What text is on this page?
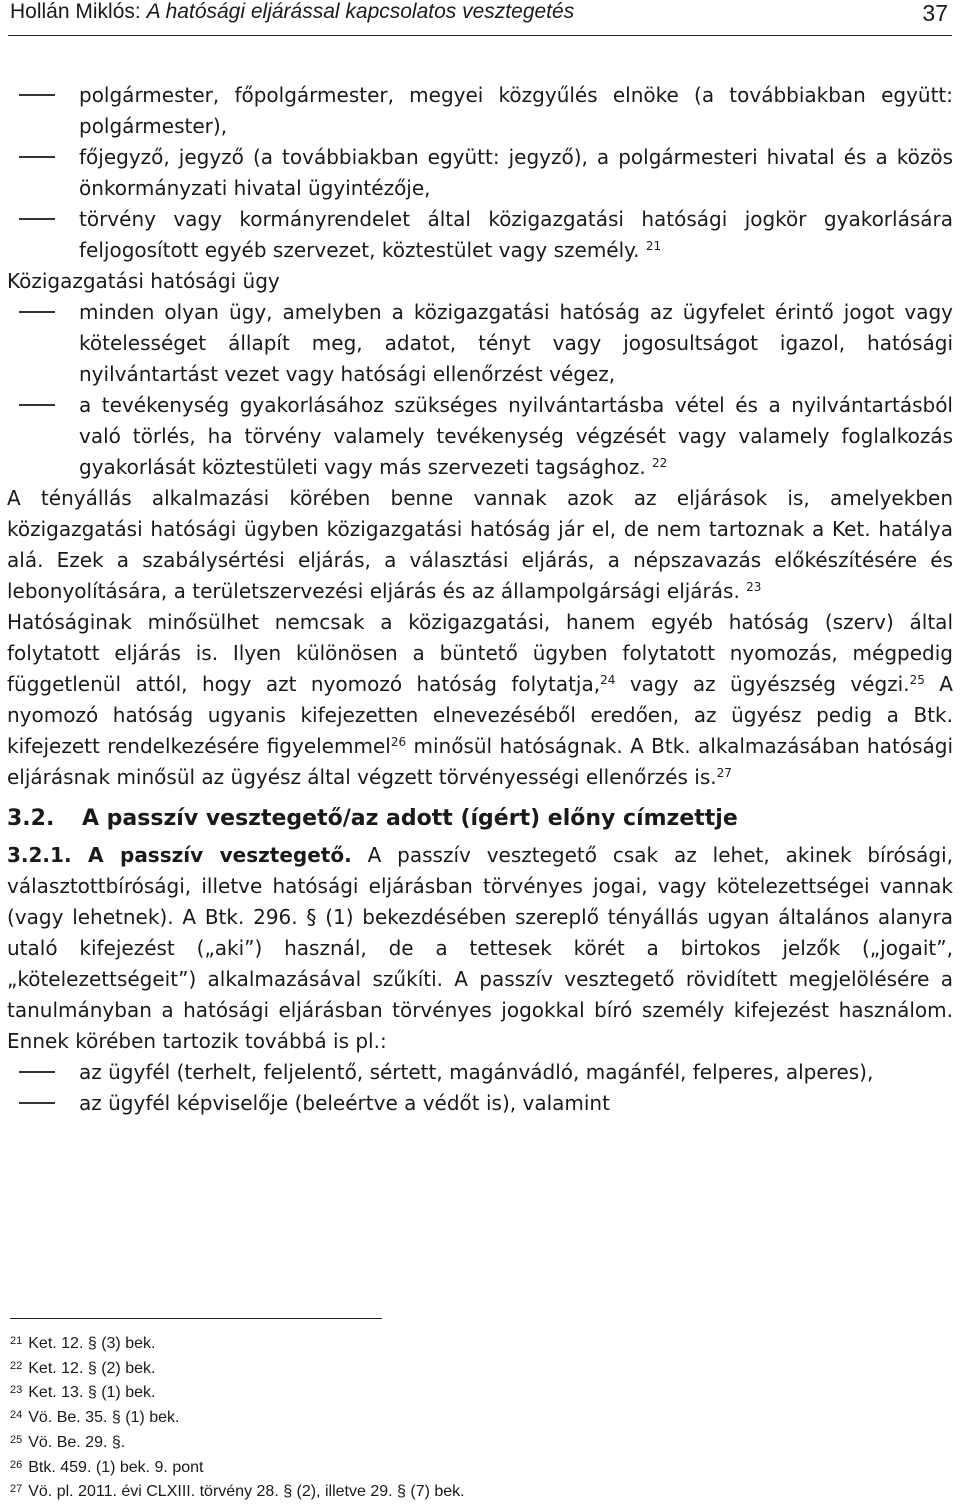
Hollán Miklós: A hatósági eljárással kapcsolatos vesztegetés	37
polgármester, főpolgármester, megyei közgyűlés elnöke (a továbbiakban együtt: polgármester),
főjegyző, jegyző (a továbbiakban együtt: jegyző), a polgármesteri hivatal és a közös önkormányzati hivatal ügyintézője,
törvény vagy kormányrendelet által közigazgatási hatósági jogkör gyakorlására feljogosított egyéb szervezet, köztestület vagy személy. $^{21}$
Közigazgatási hatósági ügy
minden olyan ügy, amelyben a közigazgatási hatóság az ügyfelet érintő jogot vagy kötelességet állapít meg, adatot, tényt vagy jogosultságot igazol, hatósági nyilvántartást vezet vagy hatósági ellenőrzést végez,
a tevékenység gyakorlásához szükséges nyilvántartásba vétel és a nyilvántartásból való törlés, ha törvény valamely tevékenység végzését vagy valamely foglalkozás gyakorlását köztestületi vagy más szervezeti tagsághoz. $^{22}$
A tényállás alkalmazási körében benne vannak azok az eljárások is, amelyekben közigazgatási hatósági ügyben közigazgatási hatóság jár el, de nem tartoznak a Ket. hatálya alá. Ezek a szabálysértési eljárás, a választási eljárás, a népszavazás előkészítésére és lebonyolítására, a területszervezési eljárás és az állampolgársági eljárás. $^{23}$
Hatóságinak minősülhet nemcsak a közigazgatási, hanem egyéb hatóság (szerv) által folytatott eljárás is. Ilyen különösen a büntető ügyben folytatott nyomozás, mégpedig függetlenül attól, hogy azt nyomozó hatóság folytatja,$^{24}$ vagy az ügyészség végzi.$^{25}$ A nyomozó hatóság ugyanis kifejezetten elnevezéséből eredően, az ügyész pedig a Btk. kifejezett rendelkezésére figyelemmel$^{26}$ minősül hatóságnak. A Btk. alkalmazásában hatósági eljárásnak minősül az ügyész által végzett törvényességi ellenőrzés is.$^{27}$
3.2. A passzív vesztegető/az adott (ígért) előny címzettje
3.2.1. A passzív vesztegető. A passzív vesztegető csak az lehet, akinek bírósági, választottbírósági, illetve hatósági eljárásban törvényes jogai, vagy kötelezettségei vannak (vagy lehetnek). A Btk. 296. § (1) bekezdésében szereplő tényállás ugyan általános alanyra utaló kifejezést („aki”) használ, de a tettesek körét a birtokos jelzők („jogait”, „kötelezettségeit”) alkalmazásával szűkíti. A passzív vesztegető rövidített megjelölésére a tanulmányban a hatósági eljárásban törvényes jogokkal bíró személy kifejezést használom. Ennek körében tartozik továbbá is pl.:
az ügyfél (terhelt, feljelentő, sértett, magánvádló, magánfél, felperes, alperes),
az ügyfél képviselője (beleértve a védőt is), valamint
$^{21}$ Ket. 12. § (3) bek.
$^{22}$ Ket. 12. § (2) bek.
$^{23}$ Ket. 13. § (1) bek.
$^{24}$ Vö. Be. 35. § (1) bek.
$^{25}$ Vö. Be. 29. §.
$^{26}$ Btk. 459. (1) bek. 9. pont
$^{27}$ Vö. pl. 2011. évi CLXIII. törvény 28. § (2), illetve 29. § (7) bek.
